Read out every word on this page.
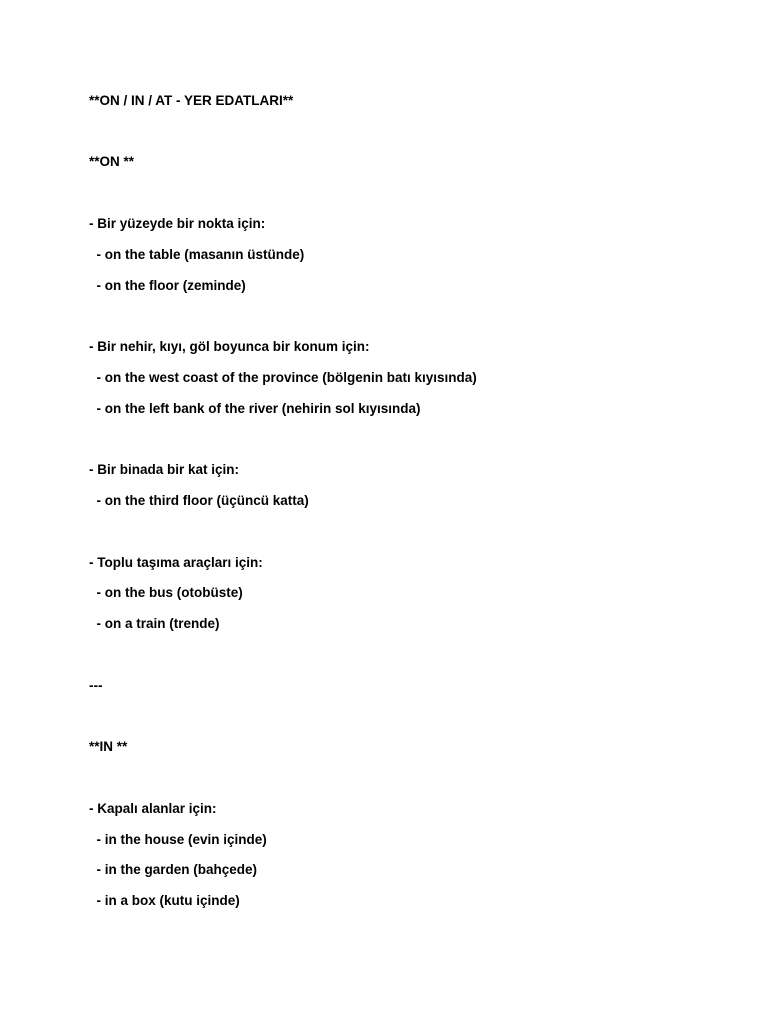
**ON / IN / AT - YER EDATLARI**
**ON **
- Bir yüzeyde bir nokta için:
- on the table (masanın üstünde)
- on the floor (zeminde)
- Bir nehir, kıyı, göl boyunca bir konum için:
- on the west coast of the province (bölgenin batı kıyısında)
- on the left bank of the river (nehirin sol kıyısında)
- Bir binada bir kat için:
- on the third floor (üçüncü katta)
- Toplu taşıma araçları için:
- on the bus (otobüste)
- on a train (trende)
---
**IN **
- Kapalı alanlar için:
- in the house (evin içinde)
- in the garden (bahçede)
- in a box (kutu içinde)
